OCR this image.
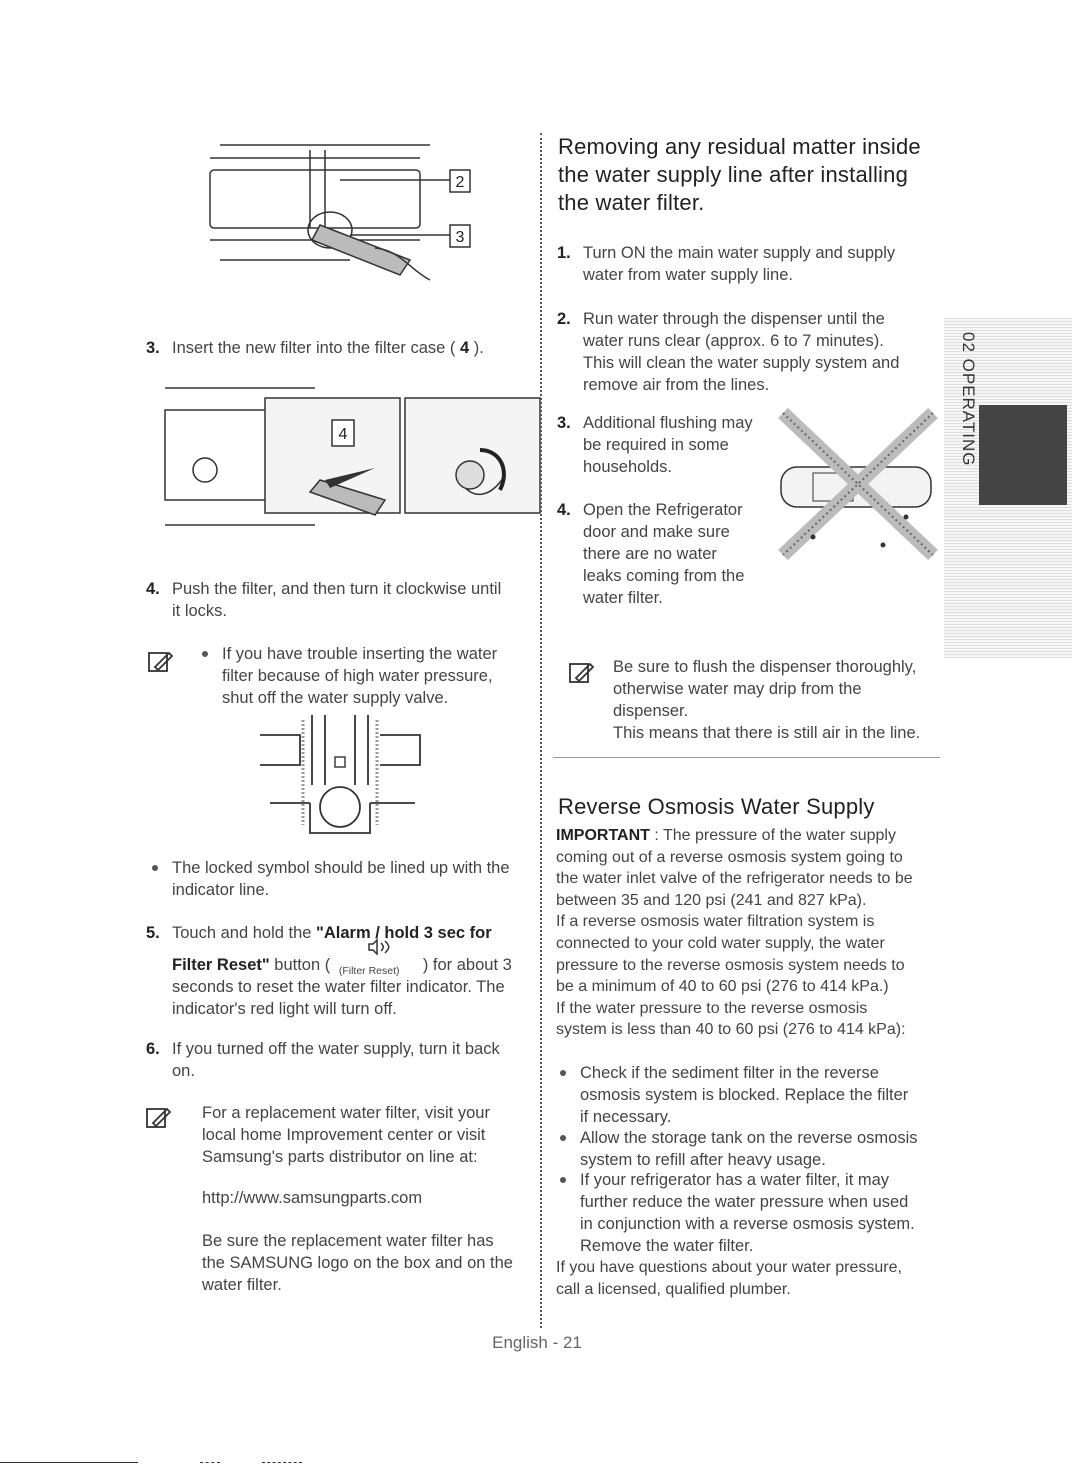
2
3
3. Insert the new filter into the filter case ( 4 ).
4
4. Push the filter, and then turn it clockwise until
it locks.
If you have trouble inserting the water
filter because of high water pressure,
shut off the water supply valve.
The locked symbol should be lined up with the
indicator line.
5. Touch and hold the "Alarm / hold 3 sec for
Filter Reset" button ( (Filter Reset) ) for about 3
seconds to reset the water filter indicator. The
indicator's red light will turn off.
6. If you turned off the water supply, turn it back
on.
For a replacement water filter, visit your
local home Improvement center or visit
Samsung's parts distributor on line at:
http://www.samsungparts.com
Be sure the replacement water filter has
the SAMSUNG logo on the box and on the
water filter.
Removing any residual matter inside
the water supply line after installing
the water filter.
1. Turn ON the main water supply and supply
water from water supply line.
2. Run water through the dispenser until the
water runs clear (approx. 6 to 7 minutes).
This will clean the water supply system and
remove air from the lines.
3. Additional flushing may
be required in some
households.
4. Open the Refrigerator
door and make sure
there are no water
leaks coming from the
water filter.
Be sure to flush the dispenser thoroughly,
otherwise water may drip from the
dispenser.
This means that there is still air in the line.
Reverse Osmosis Water Supply
IMPORTANT : The pressure of the water supply
coming out of a reverse osmosis system going to
the water inlet valve of the refrigerator needs to be
between 35 and 120 psi (241 and 827 kPa).
If a reverse osmosis water filtration system is
connected to your cold water supply, the water
pressure to the reverse osmosis system needs to
be a minimum of 40 to 60 psi (276 to 414 kPa.)
If the water pressure to the reverse osmosis
system is less than 40 to 60 psi (276 to 414 kPa):
Check if the sediment filter in the reverse
osmosis system is blocked. Replace the filter
if necessary.
Allow the storage tank on the reverse osmosis
system to refill after heavy usage.
If your refrigerator has a water filter, it may
further reduce the water pressure when used
in conjunction with a reverse osmosis system.
Remove the water filter.
If you have questions about your water pressure,
call a licensed, qualified plumber.
02 OPERATING
English - 21
